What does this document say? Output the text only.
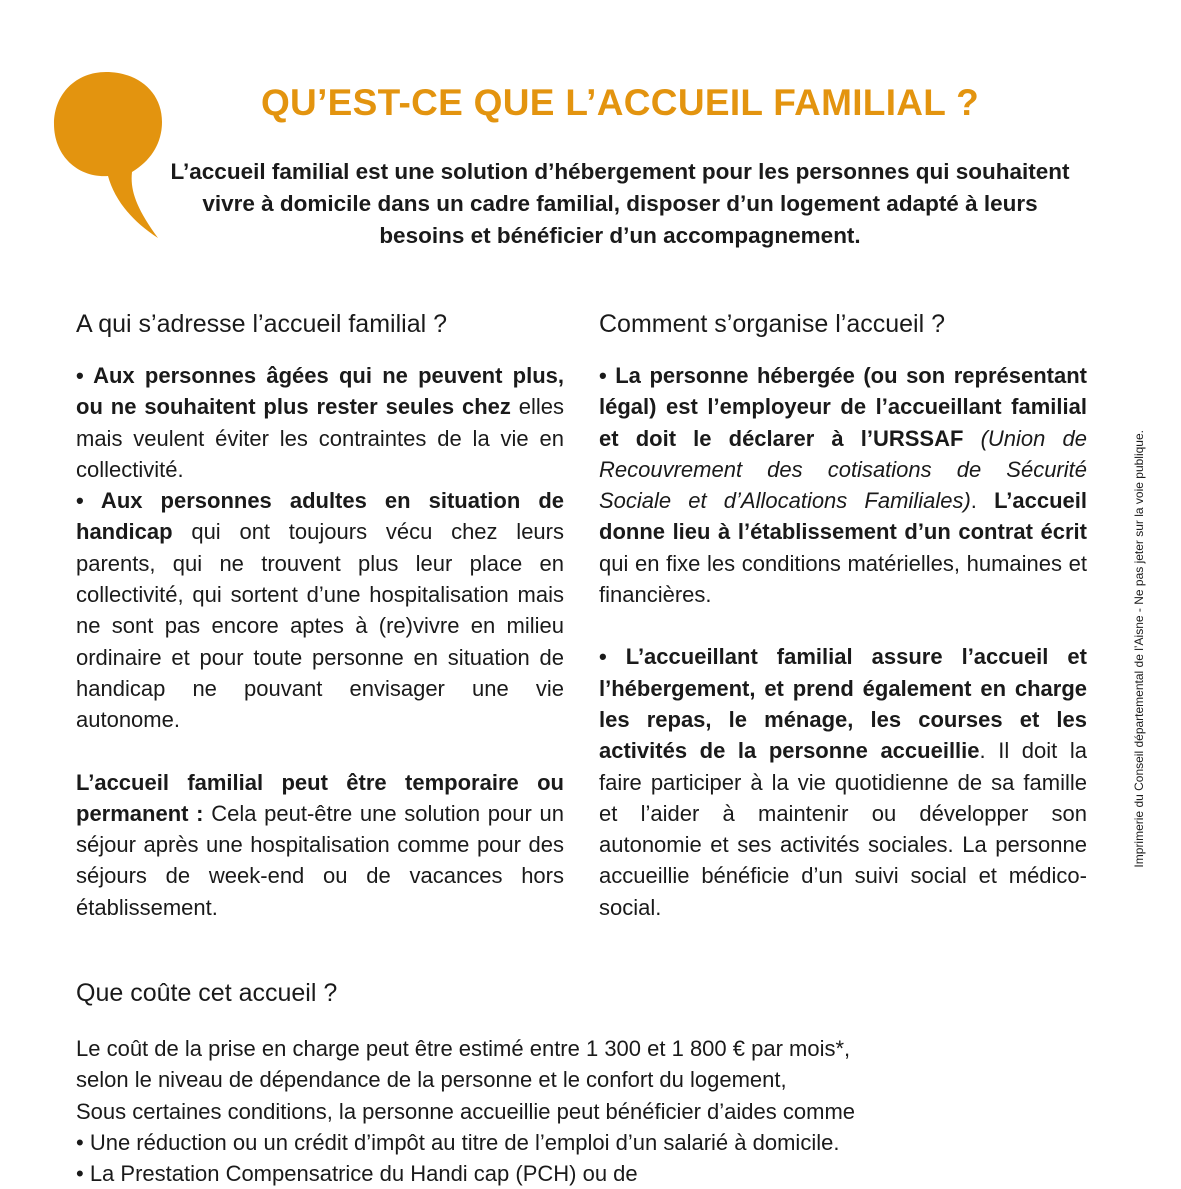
QU’EST-CE QUE L’ACCUEIL FAMILIAL ?

L’accueil familial est une solution d’hébergement pour les personnes qui souhaitent vivre à domicile dans un cadre familial, disposer d’un logement adapté à leurs besoins et bénéficier d’un accompagnement.

A qui s’adresse l’accueil familial ?

• Aux personnes âgées qui ne peuvent plus, ou ne souhaitent plus rester seules chez elles mais veulent éviter les contraintes de la vie en collectivité.

• Aux personnes adultes en situation de handicap qui ont toujours vécu chez leurs parents, qui ne trouvent plus leur place en collectivité, qui sortent d’une hospitalisation mais ne sont pas encore aptes à (re)vivre en milieu ordinaire et pour toute personne en situation de handicap ne pouvant envisager une vie autonome.

L’accueil familial peut être temporaire ou permanent : Cela peut-être une solution pour un séjour après une hospitalisation comme pour des séjours de week-end ou de vacances hors établissement.

Comment s’organise l’accueil ?

• La personne hébergée (ou son représentant légal) est l’employeur de l’accueillant familial et doit le déclarer à l’URSSAF (Union de Recouvrement des cotisations de Sécurité Sociale et d’Allocations Familiales). L’accueil donne lieu à l’établissement d’un contrat écrit qui en fixe les conditions matérielles, humaines et financières.

• L’accueillant familial assure l’accueil et l’hébergement, et prend également en charge les repas, le ménage, les courses et les activités de la personne accueillie. Il doit la faire participer à la vie quotidienne de sa famille et l’aider à maintenir ou développer son autonomie et ses activités sociales. La personne accueillie bénéficie d’un suivi social et médico-social.

Que coûte cet accueil ?

Le coût de la prise en charge peut être estimé entre 1 300 et 1 800 € par mois*,

selon le niveau de dépendance de la personne et le confort du logement,

Sous certaines conditions, la personne accueillie peut bénéficier d’aides comme

• Une réduction ou un crédit d’impôt au titre de l’emploi d’un salarié à domicile.

• La Prestation Compensatrice du Handi cap (PCH) ou de

Imprimerie du Conseil départemental de l’Aisne - Ne pas jeter sur la voie publique.
